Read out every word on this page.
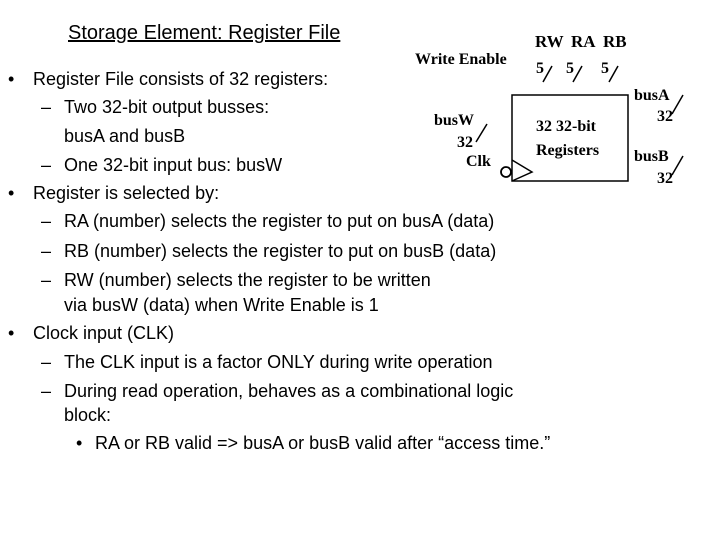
Storage Element: Register File	RW RA RB
Write Enable
5 5 5
32 32-bit
Registers
busW
32
Clk
busA
32
busB
32
• Register File consists of 32 registers:
– Two 32-bit output busses:
busA and busB
– One 32-bit input bus: busW
• Register is selected by:
– RA (number) selects the register to put on busA (data)
– RB (number) selects the register to put on busB (data)
– RW (number) selects the register to be written
via busW (data) when Write Enable is 1
• Clock input (CLK)
– The CLK input is a factor ONLY during write operation
– During read operation, behaves as a combinational logic
block:
• RA or RB valid => busA or busB valid after “access time.”
